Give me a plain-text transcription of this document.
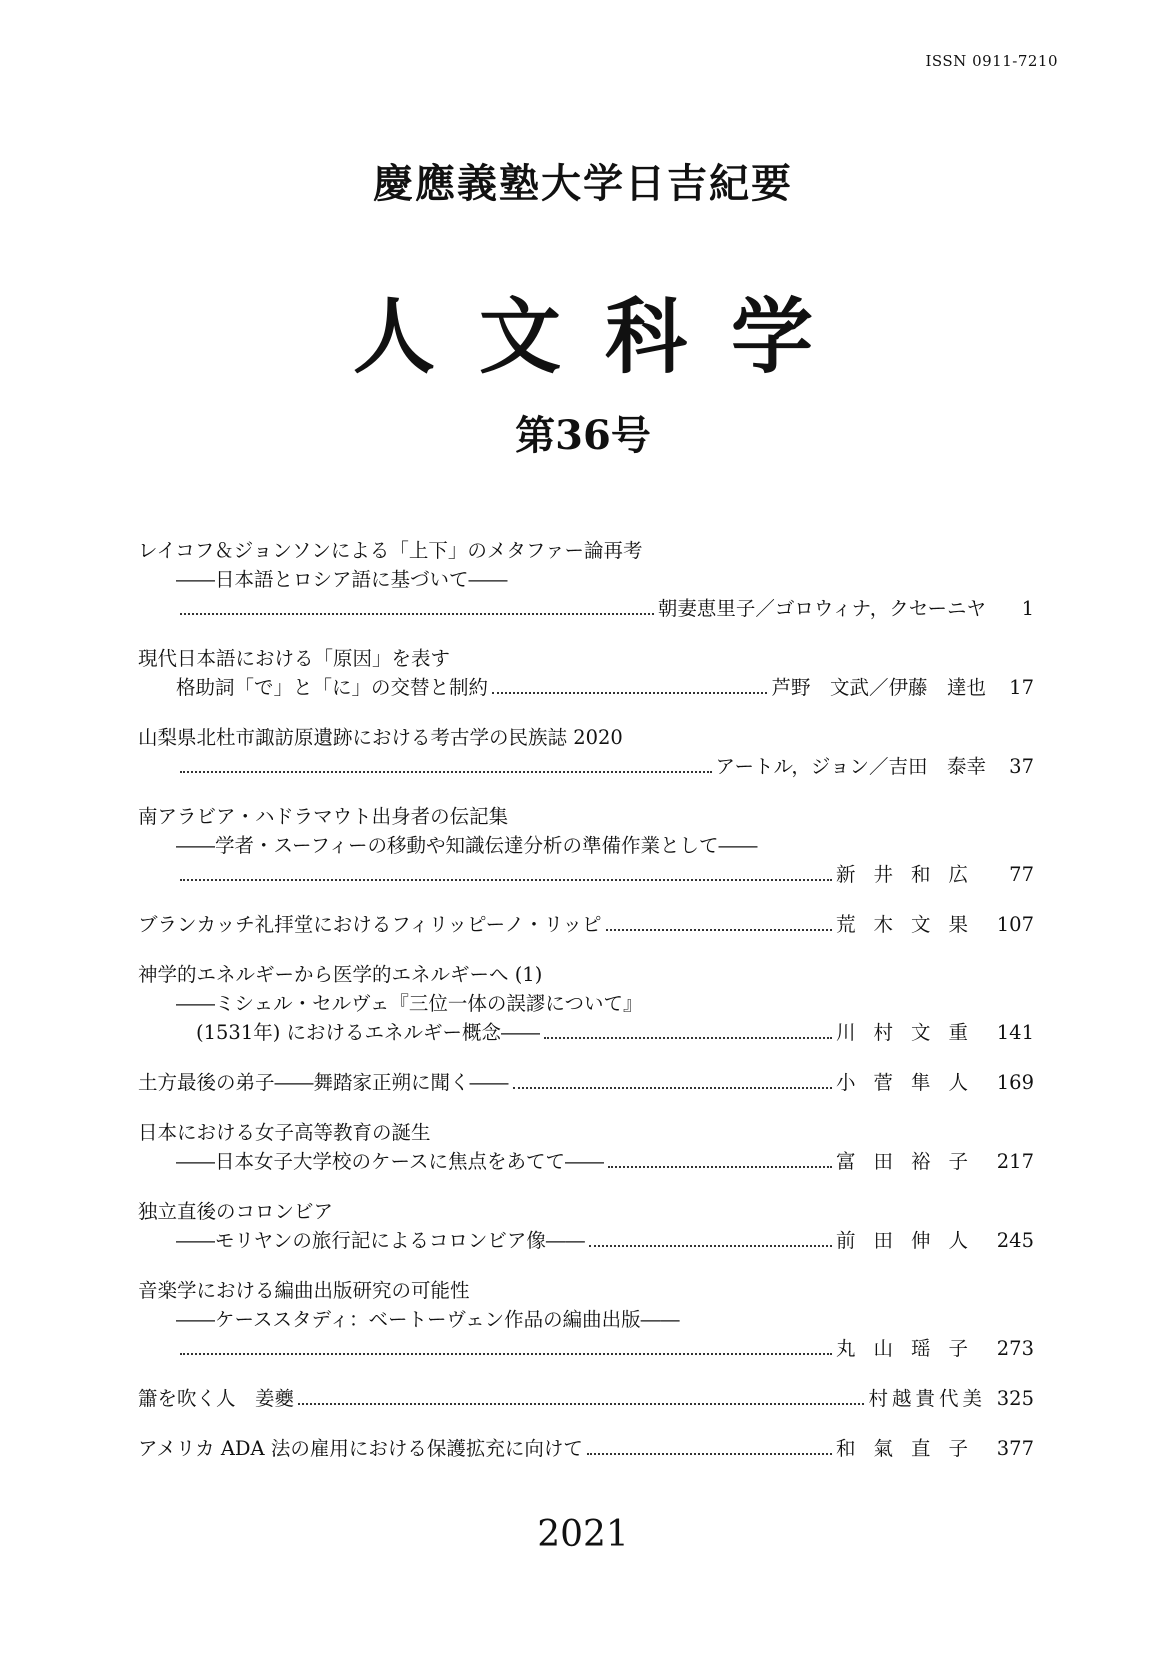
ISSN 0911-7210
慶應義塾大学日吉紀要
人文科学
第36号
レイコフ＆ジョンソンによる「上下」のメタファー論再考
――日本語とロシア語に基づいて――
朝妻恵里子／ゴロウィナ，クセーニヤ	1
現代日本語における「原因」を表す
格助詞「で」と「に」の交替と制約	芦野　文武／伊藤　達也	17
山梨県北杜市諏訪原遺跡における考古学の民族誌 2020
アートル，ジョン／吉田　泰幸	37
南アラビア・ハドラマウト出身者の伝記集
――学者・スーフィーの移動や知識伝達分析の準備作業として――
新井和広	77
ブランカッチ礼拝堂におけるフィリッピーノ・リッピ	荒木文果 107
神学的エネルギーから医学的エネルギーへ (1)
――ミシェル・セルヴェ『三位一体の誤謬について』
(1531年) におけるエネルギー概念――	川村文重 141
土方最後の弟子――舞踏家正朔に聞く――	小菅隼人 169
日本における女子高等教育の誕生
――日本女子大学校のケースに焦点をあてて――	富田裕子 217
独立直後のコロンビア
――モリヤンの旅行記によるコロンビア像――	前田伸人 245
音楽学における編曲出版研究の可能性
――ケーススタディ：ベートーヴェン作品の編曲出版――
丸山瑶子 273
簫を吹く人　姜夔	村越貴代美 325
アメリカ ADA 法の雇用における保護拡充に向けて	和氣直子 377
2021
